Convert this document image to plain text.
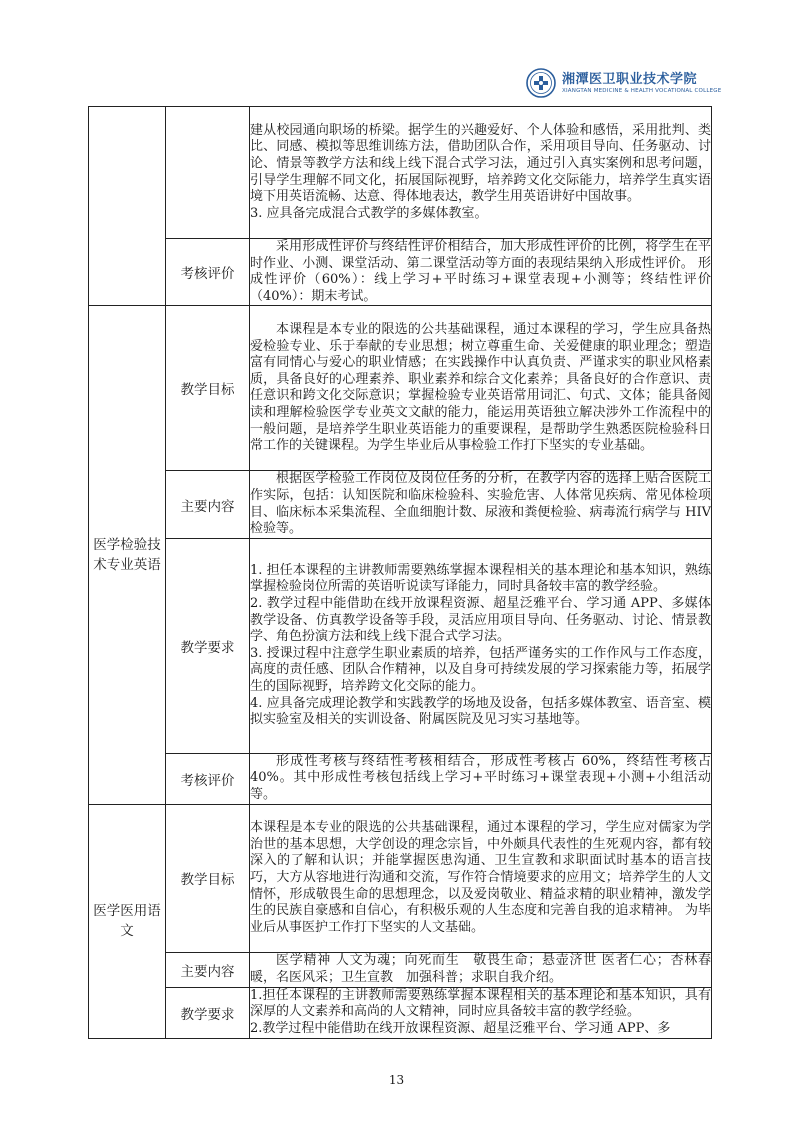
湘潭医卫职业技术学院
XIANGTAN MEDICINE & HEALTH VOCATIONAL COLLEGE

		建从校园通向职场的桥梁。据学生的兴趣爱好、个人体验和感悟，采用批判、类比、同感、模拟等思维训练方法，借助团队合作，采用项目导向、任务驱动、讨论、情景等教学方法和线上线下混合式学习法，通过引入真实案例和思考问题，引导学生理解不同文化，拓展国际视野，培养跨文化交际能力，培养学生真实语境下用英语流畅、达意、得体地表达，教学生用英语讲好中国故事。

3. 应具备完成混合式教学的多媒体教室。

	考核评价	采用形成性评价与终结性评价相结合，加大形成性评价的比例，将学生在平时作业、小测、课堂活动、第二课堂活动等方面的表现结果纳入形成性评价。 形成性评价（60%）：线上学习+平时练习+课堂表现+小测等；终结性评价（40%）：期末考试。

医学检验技术专业英语	教学目标	本课程是本专业的限选的公共基础课程，通过本课程的学习，学生应具备热爱检验专业、乐于奉献的专业思想；树立尊重生命、关爱健康的职业理念；塑造富有同情心与爱心的职业情感；在实践操作中认真负责、严谨求实的职业风格素质，具备良好的心理素养、职业素养和综合文化素养；具备良好的合作意识、责任意识和跨文化交际意识；掌握检验专业英语常用词汇、句式、文体；能具备阅读和理解检验医学专业英文文献的能力，能运用英语独立解决涉外工作流程中的一般问题，是培养学生职业英语能力的重要课程，是帮助学生熟悉医院检验科日常工作的关键课程。为学生毕业后从事检验工作打下坚实的专业基础。

	主要内容	根据医学检验工作岗位及岗位任务的分析，在教学内容的选择上贴合医院工作实际，包括：认知医院和临床检验科、实验危害、人体常见疾病、常见体检项目、临床标本采集流程、全血细胞计数、尿液和粪便检验、病毒流行病学与 HIV 检验等。

	教学要求	1. 担任本课程的主讲教师需要熟练掌握本课程相关的基本理论和基本知识，熟练掌握检验岗位所需的英语听说读写译能力，同时具备较丰富的教学经验。

2. 教学过程中能借助在线开放课程资源、超星泛雅平台、学习通 APP、多媒体教学设备、仿真教学设备等手段，灵活应用项目导向、任务驱动、讨论、情景教学、角色扮演方法和线上线下混合式学习法。

3. 授课过程中注意学生职业素质的培养，包括严谨务实的工作作风与工作态度，高度的责任感、团队合作精神，以及自身可持续发展的学习探索能力等，拓展学生的国际视野，培养跨文化交际的能力。

4. 应具备完成理论教学和实践教学的场地及设备，包括多媒体教室、语音室、模拟实验室及相关的实训设备、附属医院及见习实习基地等。

	考核评价	形成性考核与终结性考核相结合，形成性考核占 60%，终结性考核占 40%。其中形成性考核包括线上学习+平时练习+课堂表现+小测+小组活动等。

医学医用语文	教学目标	本课程是本专业的限选的公共基础课程，通过本课程的学习，学生应对儒家为学治世的基本思想，大学创设的理念宗旨，中外颇具代表性的生死观内容，都有较深入的了解和认识；并能掌握医患沟通、卫生宣教和求职面试时基本的语言技巧，大方从容地进行沟通和交流，写作符合情境要求的应用文；培养学生的人文情怀，形成敬畏生命的思想理念，以及爱岗敬业、精益求精的职业精神，激发学生的民族自豪感和自信心，有积极乐观的人生态度和完善自我的追求精神。 为毕业后从事医护工作打下坚实的人文基础。

	主要内容	医学精神 人文为魂；向死而生　敬畏生命；悬壶济世 医者仁心；杏林春暖，名医风采；卫生宣教　加强科普；求职自我介绍。

	教学要求	1.担任本课程的主讲教师需要熟练掌握本课程相关的基本理论和基本知识，具有深厚的人文素养和高尚的人文精神，同时应具备较丰富的教学经验。

2.教学过程中能借助在线开放课程资源、超星泛雅平台、学习通 APP、多

13
